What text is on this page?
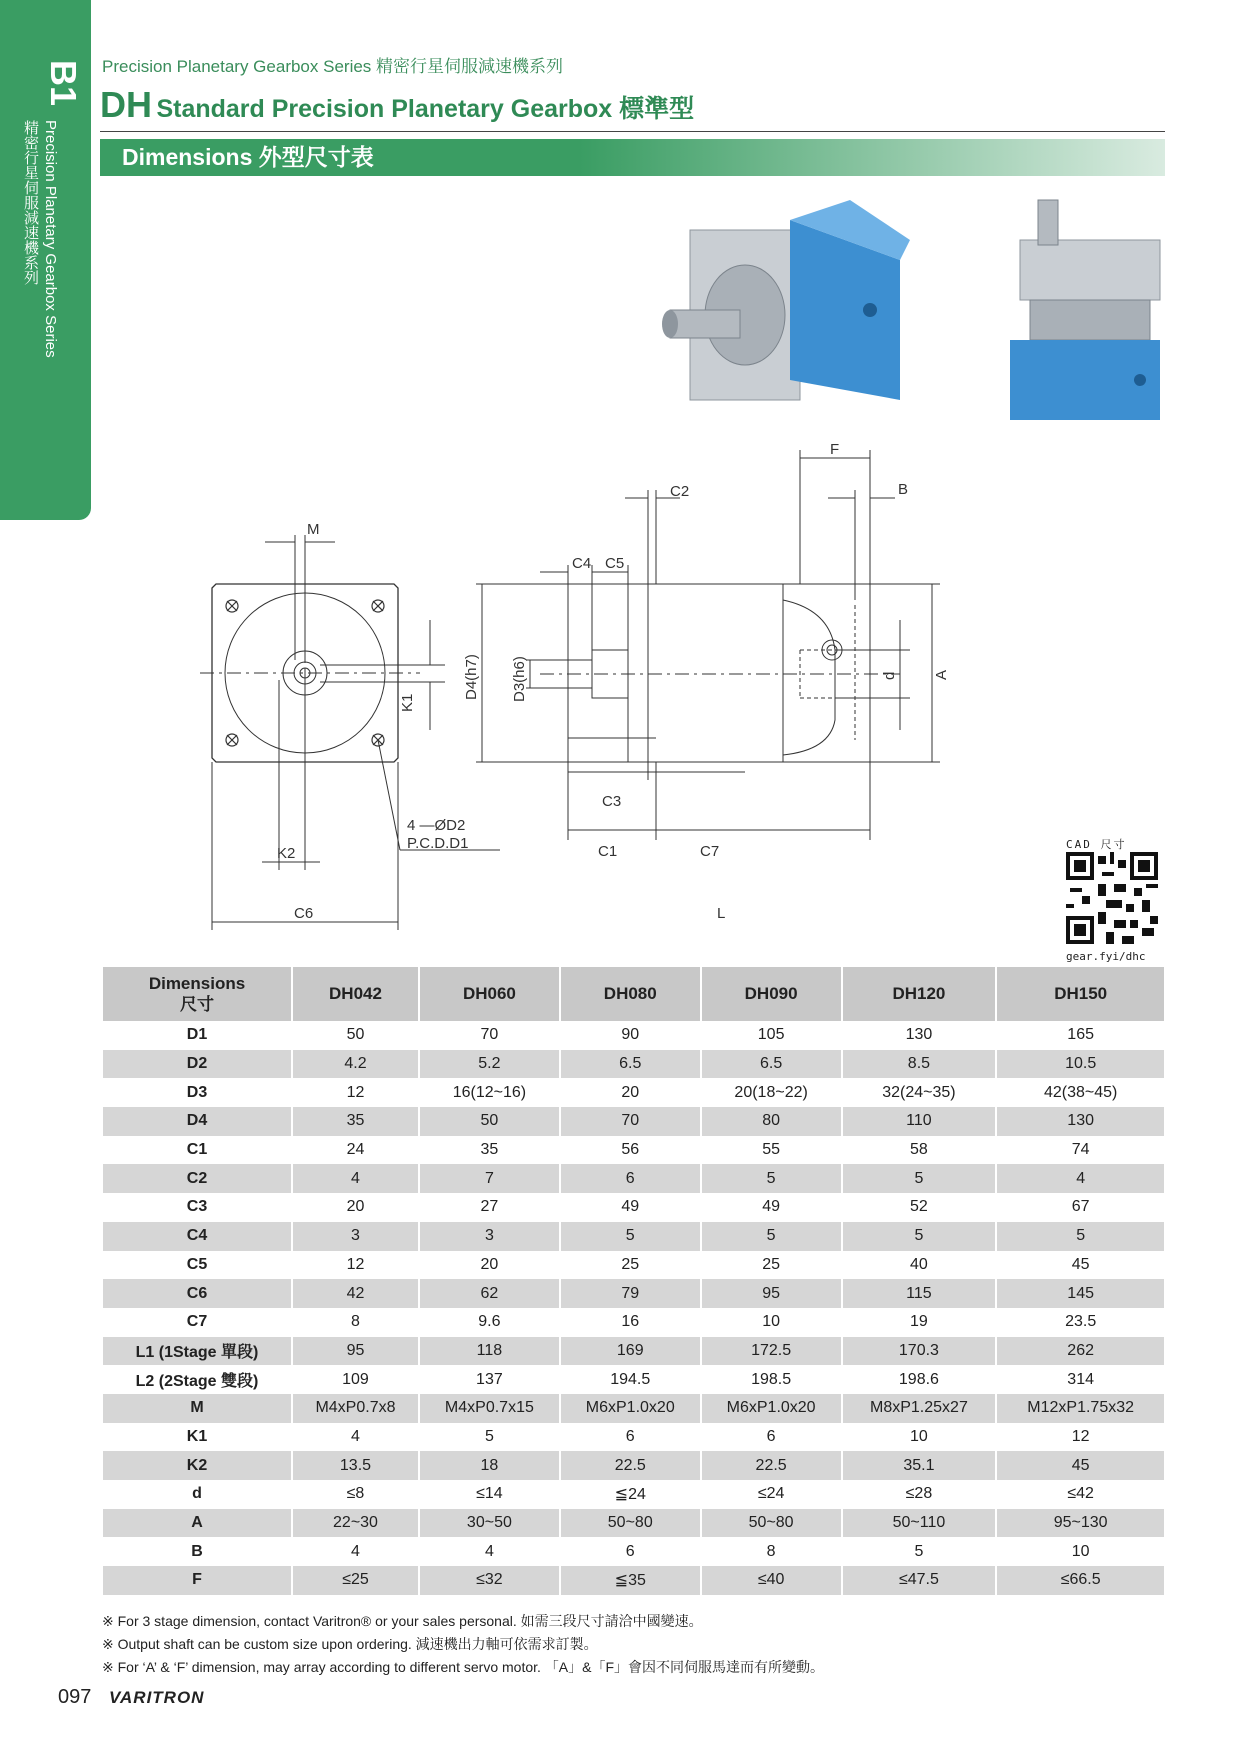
B1
Precision Planetary Gearbox Series
精密行星伺服減速機系列
Precision Planetary Gearbox Series 精密行星伺服減速機系列
DH Standard Precision Planetary Gearbox 標準型
Dimensions 外型尺寸表
M
K1
4 —ØD2
P.C.D.D1
K2
C6
C2
C4 C5
D4(h7) D3(h6)
C3
C1	C7
L
F
B
d A
CAD 尺寸
gear.fyi/dhc
Dimensions
尺寸	DH042	DH060	DH080	DH090	DH120	DH150
D1	50	70	90	105	130	165
D2	4.2	5.2	6.5	6.5	8.5	10.5
D3	12	16(12~16)	20	20(18~22)	32(24~35)	42(38~45)
D4	35	50	70	80	110	130
C1	24	35	56	55	58	74
C2	4	7	6	5	5	4
C3	20	27	49	49	52	67
C4	3	3	5	5	5	5
C5	12	20	25	25	40	45
C6	42	62	79	95	115	145
C7	8	9.6	16	10	19	23.5
L1 (1Stage 單段)	95	118	169	172.5	170.3	262
L2 (2Stage 雙段)	109	137	194.5	198.5	198.6	314
M	M4xP0.7x8	M4xP0.7x15	M6xP1.0x20	M6xP1.0x20	M8xP1.25x27	M12xP1.75x32
K1	4	5	6	6	10	12
K2	13.5	18	22.5	22.5	35.1	45
d	≤8	≤14	≦24	≤24	≤28	≤42
A	22~30	30~50	50~80	50~80	50~110	95~130
B	4	4	6	8	5	10
F	≤25	≤32	≦35	≤40	≤47.5	≤66.5
※ For 3 stage dimension, contact Varitron® or your sales personal. 如需三段尺寸請洽中國變速。
※ Output shaft can be custom size upon ordering. 減速機出力軸可依需求訂製。
※ For ‘A’ & ‘F’ dimension, may array according to different servo motor. 「A」&「F」會因不同伺服馬達而有所變動。
097 VARITRON
